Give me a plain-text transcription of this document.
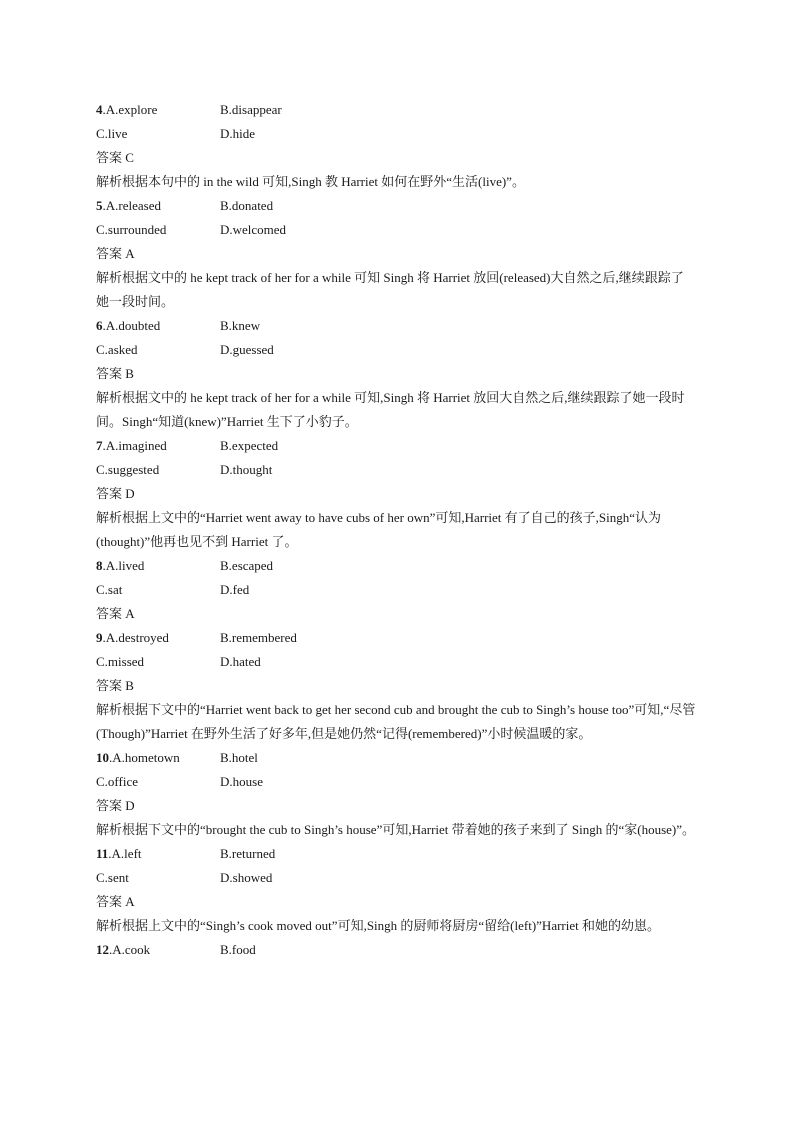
4.A.explore	B.disappear
C.live	D.hide
答案 C
解析根据本句中的 in the wild 可知,Singh 教 Harriet 如何在野外“生活(live)”。
5.A.released	B.donated
C.surrounded	D.welcomed
答案 A
解析根据文中的 he kept track of her for a while 可知 Singh 将 Harriet 放回(released)大自然之后,继续跟踪了她一段时间。
6.A.doubted	B.knew
C.asked	D.guessed
答案 B
解析根据文中的 he kept track of her for a while 可知,Singh 将 Harriet 放回大自然之后,继续跟踪了她一段时间。Singh“知道(knew)”Harriet 生下了小豹子。
7.A.imagined	B.expected
C.suggested	D.thought
答案 D
解析根据上文中的“Harriet went away to have cubs of her own”可知,Harriet 有了自己的孩子,Singh“认为(thought)”他再也见不到 Harriet 了。
8.A.lived	B.escaped
C.sat	D.fed
答案 A
9.A.destroyed	B.remembered
C.missed	D.hated
答案 B
解析根据下文中的“Harriet went back to get her second cub and brought the cub to Singh’s house too”可知,“尽管(Though)”Harriet 在野外生活了好多年,但是她仍然“记得(remembered)”小时候温暖的家。
10.A.hometown	B.hotel
C.office	D.house
答案 D
解析根据下文中的“brought the cub to Singh’s house”可知,Harriet 带着她的孩子来到了 Singh 的“家(house)”。
11.A.left	B.returned
C.sent	D.showed
答案 A
解析根据上文中的“Singh’s cook moved out”可知,Singh 的厨师将厨房“留给(left)”Harriet 和她的幼崽。
12.A.cook	B.food
